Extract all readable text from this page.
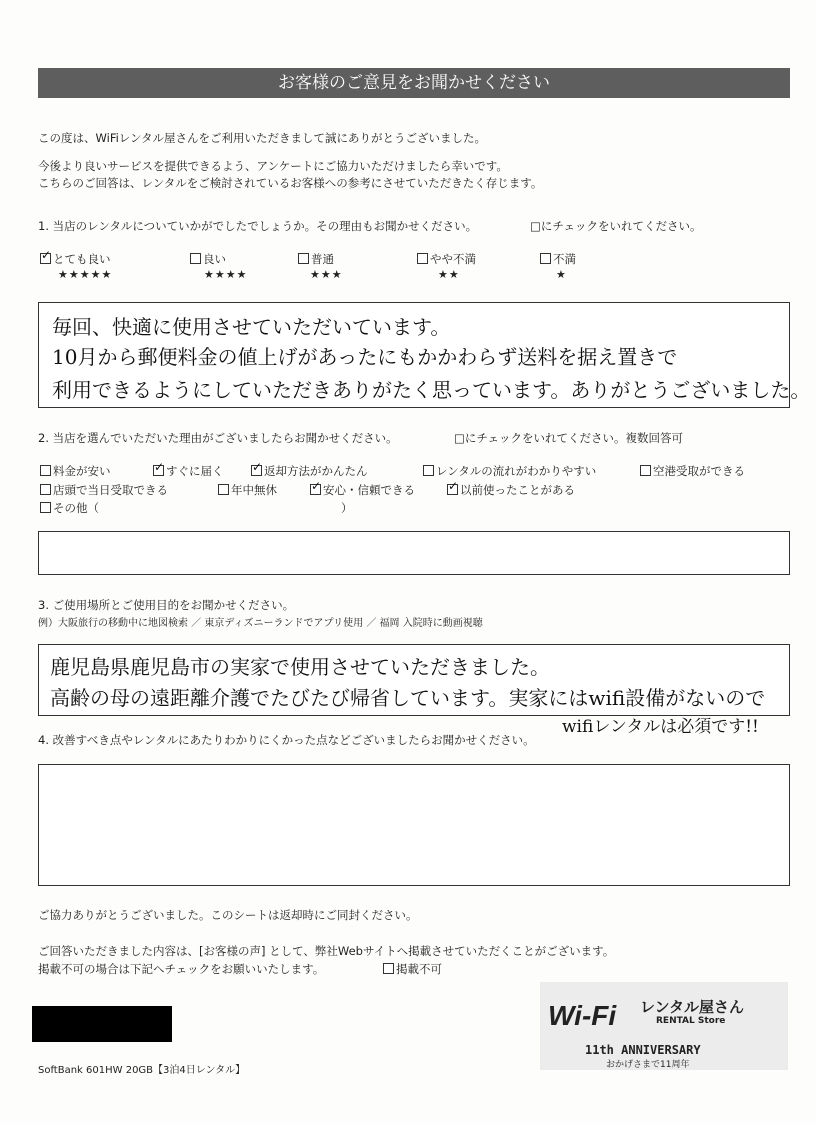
お客様のご意見をお聞かせください
この度は、WiFiレンタル屋さんをご利用いただきまして誠にありがとうございました。
今後より良いサービスを提供できるよう、アンケートにご協力いただけましたら幸いです。
こちらのご回答は、レンタルをご検討されているお客様への参考にさせていただきたく存じます。
1. 当店のレンタルについていかがでしたでしょうか。その理由もお聞かせください。	□にチェックをいれてください。
✓とても良い
★★★★★
良い
★★★★
普通
★★★
やや不満
★★
不満
★
毎回、快適に使用させていただいています。
10月から郵便料金の値上げがあったにもかかわらず送料を据え置きで
利用できるようにしていただきありがたく思っています。ありがとうございました。
2. 当店を選んでいただいた理由がございましたらお聞かせください。	□にチェックをいれてください。複数回答可
料金が安い ✓	すぐに届く ✓	返却方法がかんたん	レンタルの流れがわかりやすい	空港受取ができる
店頭で当日受取できる	年中無休 ✓	安心・信頼できる ✓	以前使ったことがある
その他（	）
3. ご使用場所とご使用目的をお聞かせください。
例）大阪旅行の移動中に地図検索 ／ 東京ディズニーランドでアプリ使用 ／ 福岡 入院時に動画視聴
鹿児島県鹿児島市の実家で使用させていただきました。
高齢の母の遠距離介護でたびたび帰省しています。実家にはwifi設備がないので
wifiレンタルは必須です!!
4. 改善すべき点やレンタルにあたりわかりにくかった点などございましたらお聞かせください。
ご協力ありがとうございました。このシートは返却時にご同封ください。
ご回答いただきました内容は、[お客様の声] として、弊社Webサイトへ掲載させていただくことがございます。
掲載不可の場合は下記へチェックをお願いいたします。	掲載不可
SoftBank 601HW 20GB【3泊4日レンタル】
Wi-Fi レンタル屋さん
RENTAL Store
11th ANNIVERSARY
おかげさまで11周年
